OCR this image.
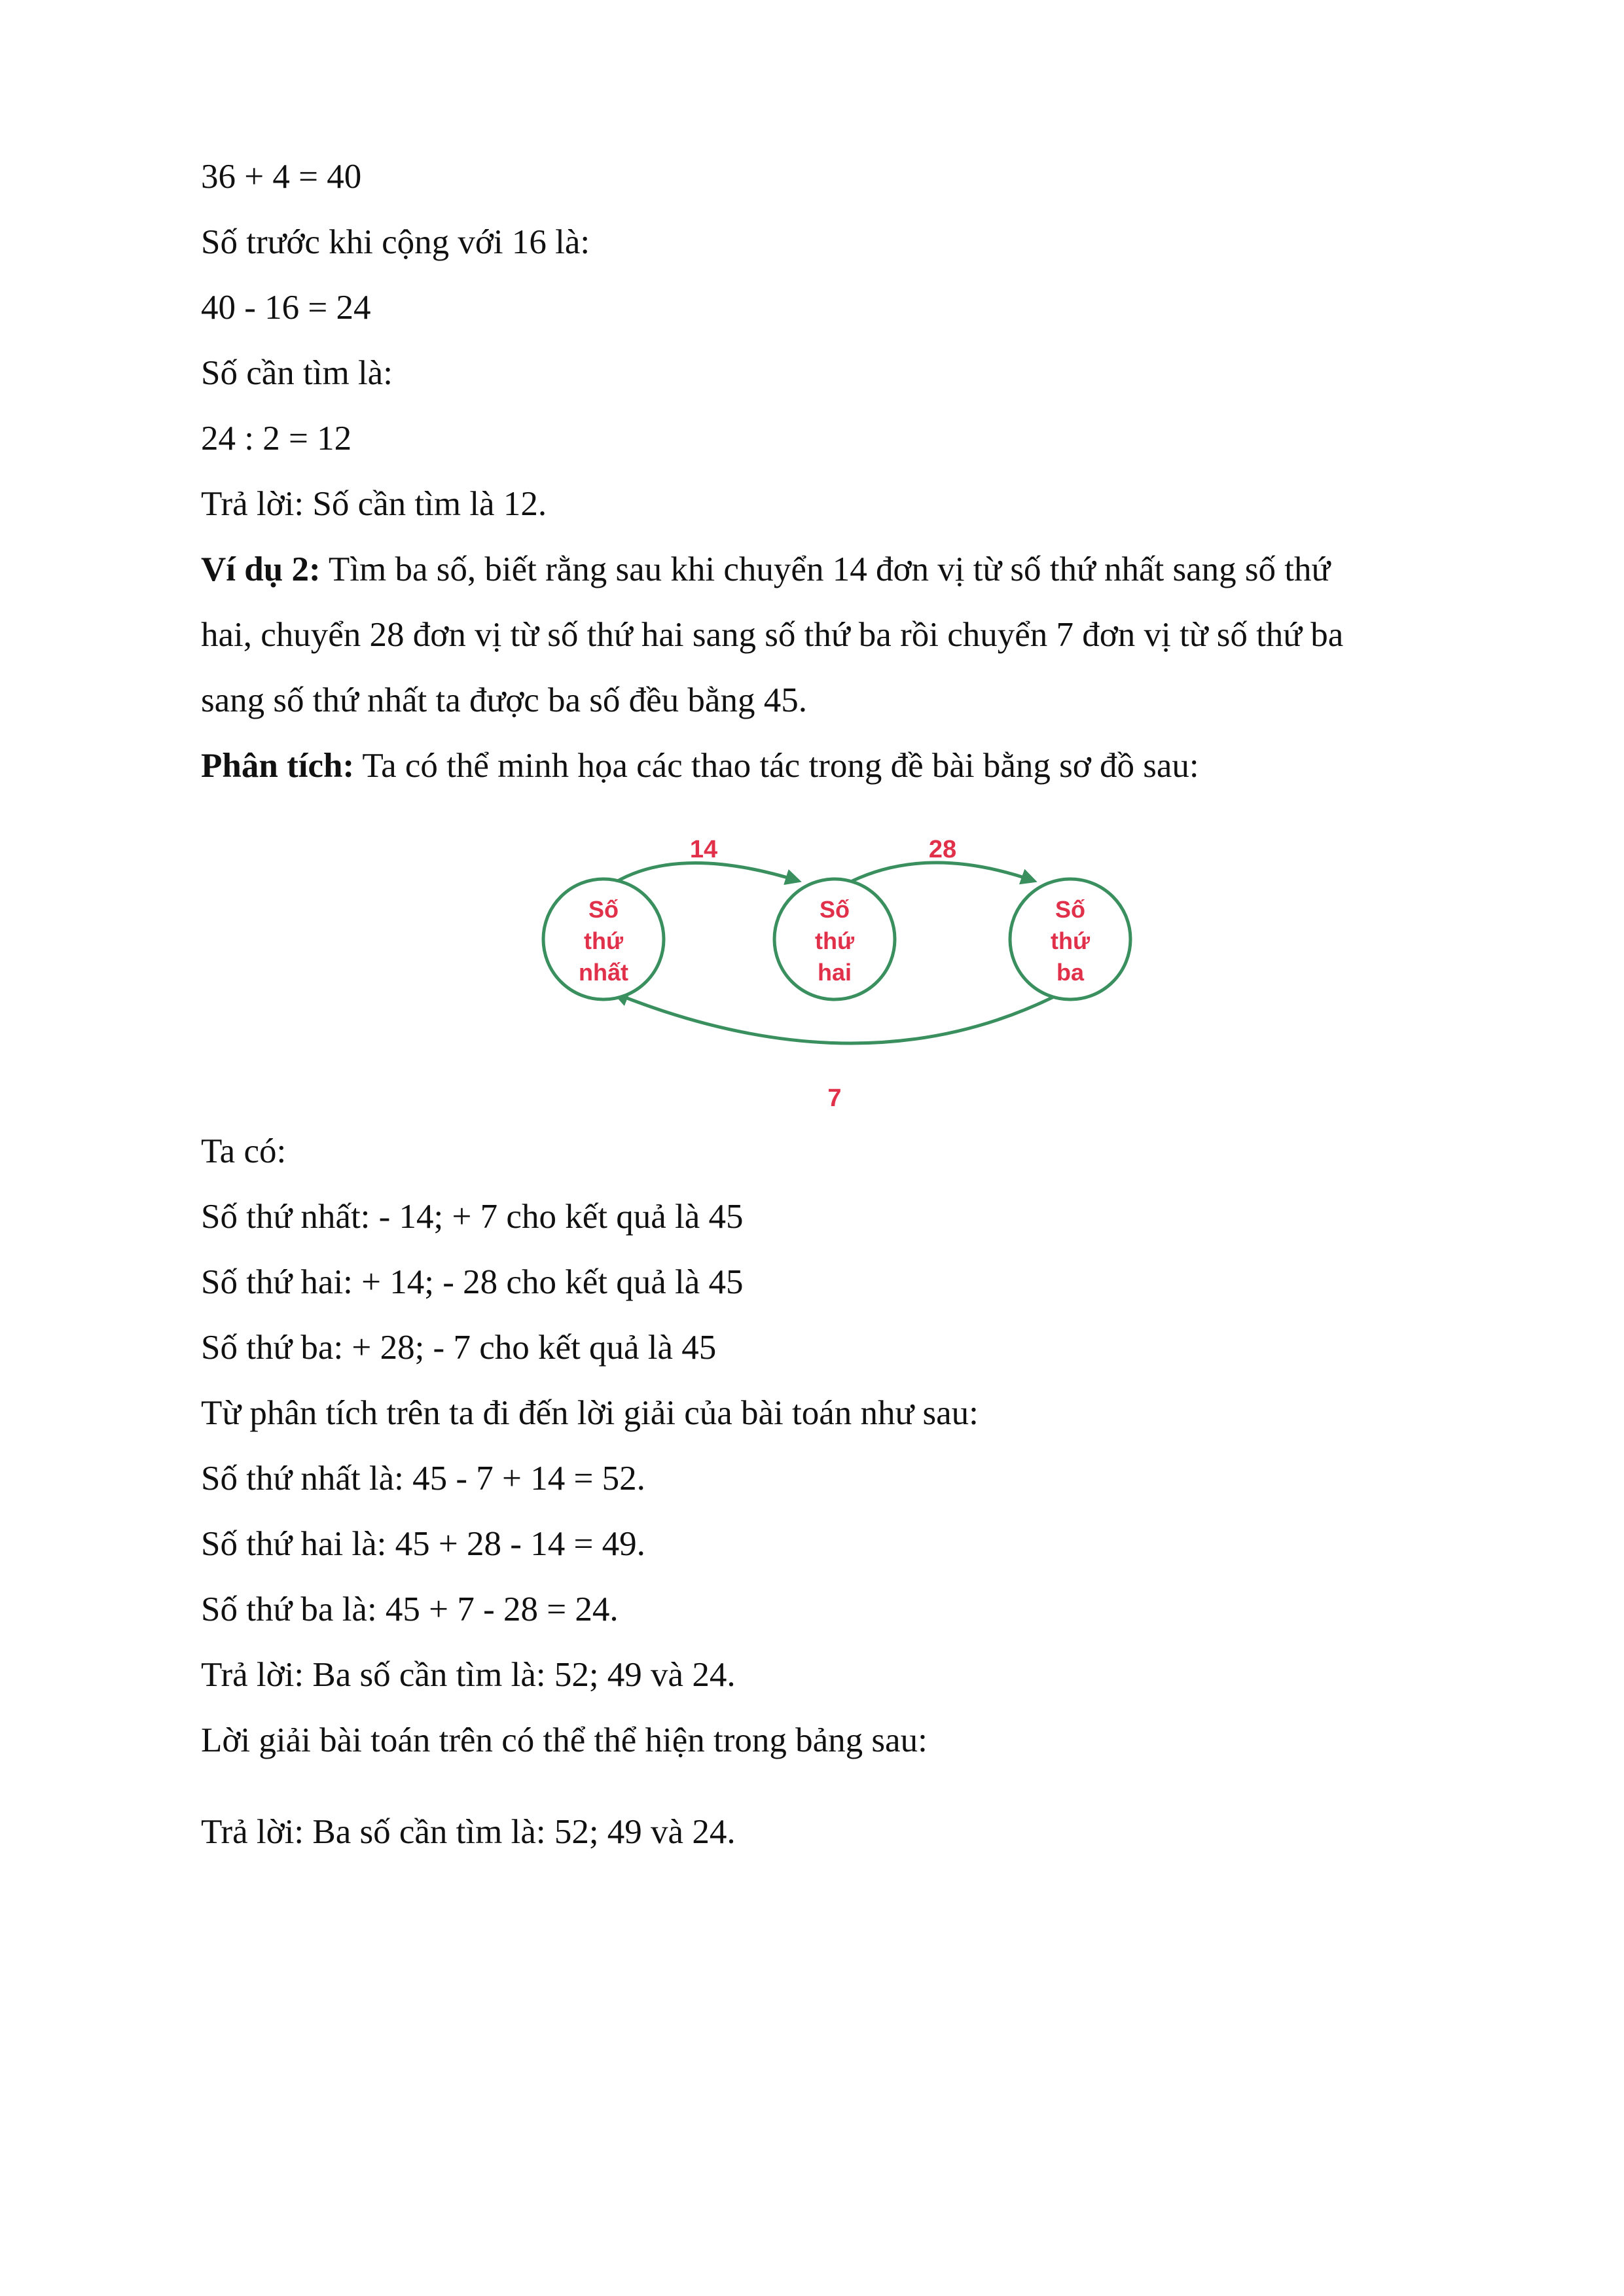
36 + 4 = 40
Số trước khi cộng với 16 là:
40 - 16 = 24
Số cần tìm là:
24 : 2 = 12
Trả lời: Số cần tìm là 12.
Ví dụ 2: Tìm ba số, biết rằng sau khi chuyển 14 đơn vị từ số thứ nhất sang số thứ
hai, chuyển 28 đơn vị từ số thứ hai sang số thứ ba rồi chuyển 7 đơn vị từ số thứ ba
sang số thứ nhất ta được ba số đều bằng 45.
Phân tích: Ta có thể minh họa các thao tác trong đề bài bằng sơ đồ sau:
14	28
7
Số
thứ
nhất
Số
thứ
hai
Số
thứ
ba
Ta có:
Số thứ nhất: - 14; + 7 cho kết quả là 45
Số thứ hai: + 14; - 28 cho kết quả là 45
Số thứ ba: + 28; - 7 cho kết quả là 45
Từ phân tích trên ta đi đến lời giải của bài toán như sau:
Số thứ nhất là: 45 - 7 + 14 = 52.
Số thứ hai là: 45 + 28 - 14 = 49.
Số thứ ba là: 45 + 7 - 28 = 24.
Trả lời: Ba số cần tìm là: 52; 49 và 24.
Lời giải bài toán trên có thể thể hiện trong bảng sau:
Trả lời: Ba số cần tìm là: 52; 49 và 24.
